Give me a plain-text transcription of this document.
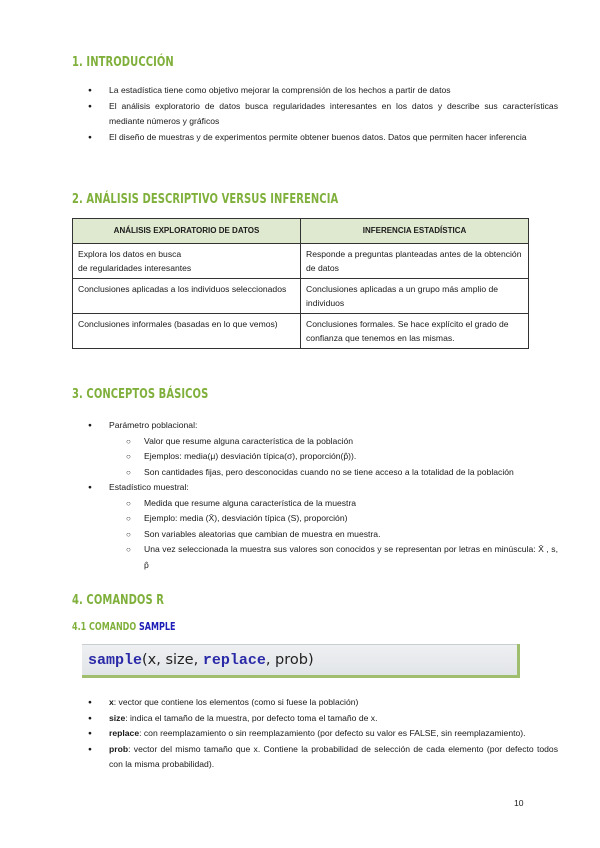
1. INTRODUCCIÓN
● La estadística tiene como objetivo mejorar la comprensión de los hechos a partir de datos
● El análisis exploratorio de datos busca regularidades interesantes en los datos y describe sus características mediante números y gráficos
● El diseño de muestras y de experimentos permite obtener buenos datos. Datos que permiten hacer inferencia
2. ANÁLISIS DESCRIPTIVO VERSUS INFERENCIA
ANÁLISIS EXPLORATORIO DE DATOS	INFERENCIA ESTADÍSTICA
Explora los datos en busca
de regularidades interesantes	Responde a preguntas planteadas antes de la obtención de datos
Conclusiones aplicadas a los individuos seleccionados	Conclusiones aplicadas a un grupo más amplio de individuos
Conclusiones informales (basadas en lo que vemos)	Conclusiones formales. Se hace explícito el grado de confianza que tenemos en las mismas.
3. CONCEPTOS BÁSICOS
● Parámetro poblacional:
○ Valor que resume alguna característica de la población
○ Ejemplos: media(μ) desviación típica(σ), proporción(p̂)).
○ Son cantidades fijas, pero desconocidas cuando no se tiene acceso a la totalidad de la población
● Estadístico muestral:
○ Medida que resume alguna característica de la muestra
○ Ejemplo: media (X̄), desviación típica (S), proporción)
○ Son variables aleatorias que cambian de muestra en muestra.
○ Una vez seleccionada la muestra sus valores son conocidos y se representan por letras en minúscula: X̄ , s, p̂
4. COMANDOS R
4.1 COMANDO SAMPLE
sample(x, size, replace, prob)
● x: vector que contiene los elementos (como si fuese la población)
● size: indica el tamaño de la muestra, por defecto toma el tamaño de x.
● replace: con reemplazamiento o sin reemplazamiento (por defecto su valor es FALSE, sin reemplazamiento).
● prob: vector del mismo tamaño que x. Contiene la probabilidad de selección de cada elemento (por defecto todos con la misma probabilidad).
10
